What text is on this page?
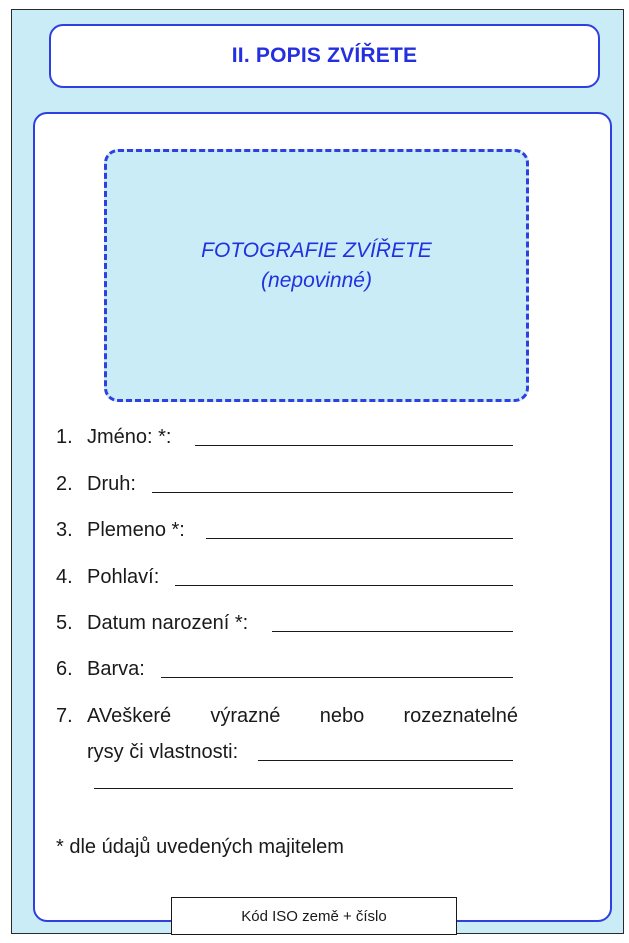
II. POPIS ZVÍŘETE
FOTOGRAFIE ZVÍŘETE
(nepovinné)
1. Jméno: *:
2. Druh:
3. Plemeno *:
4. Pohlaví:
5. Datum narození *:
6. Barva:
7. AVeškeré výrazné nebo rozeznatelné
rysy či vlastnosti:
* dle údajů uvedených majitelem
Kód ISO země + číslo
